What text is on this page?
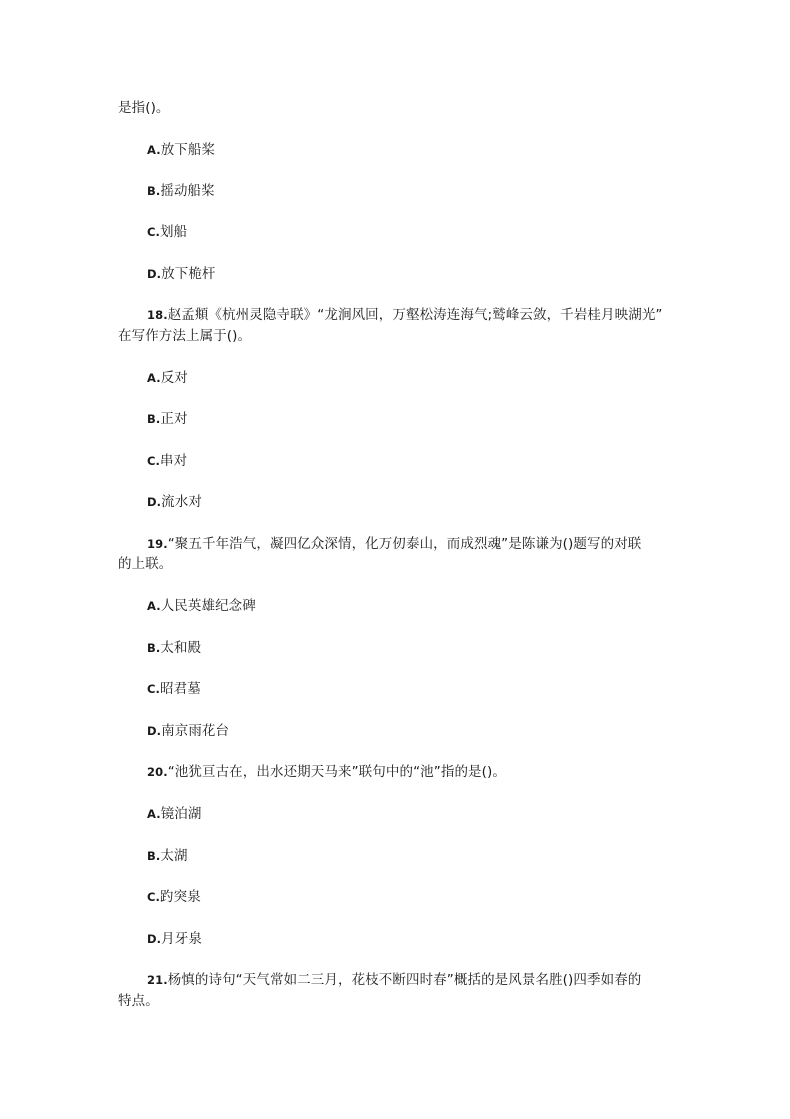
是指()。
A.放下船桨
B.摇动船桨
C.划船
D.放下桅杆
18.赵孟頫《杭州灵隐寺联》“龙涧风回，万壑松涛连海气;鹫峰云敛，千岩桂月映湖光”
在写作方法上属于()。
A.反对
B.正对
C.串对
D.流水对
19.“聚五千年浩气，凝四亿众深情，化万仞泰山，而成烈魂”是陈谦为()题写的对联
的上联。
A.人民英雄纪念碑
B.太和殿
C.昭君墓
D.南京雨花台
20.“池犹亘古在，出水还期天马来”联句中的“池”指的是()。
A.镜泊湖
B.太湖
C.趵突泉
D.月牙泉
21.杨慎的诗句“天气常如二三月，花枝不断四时春”概括的是风景名胜()四季如春的
特点。
